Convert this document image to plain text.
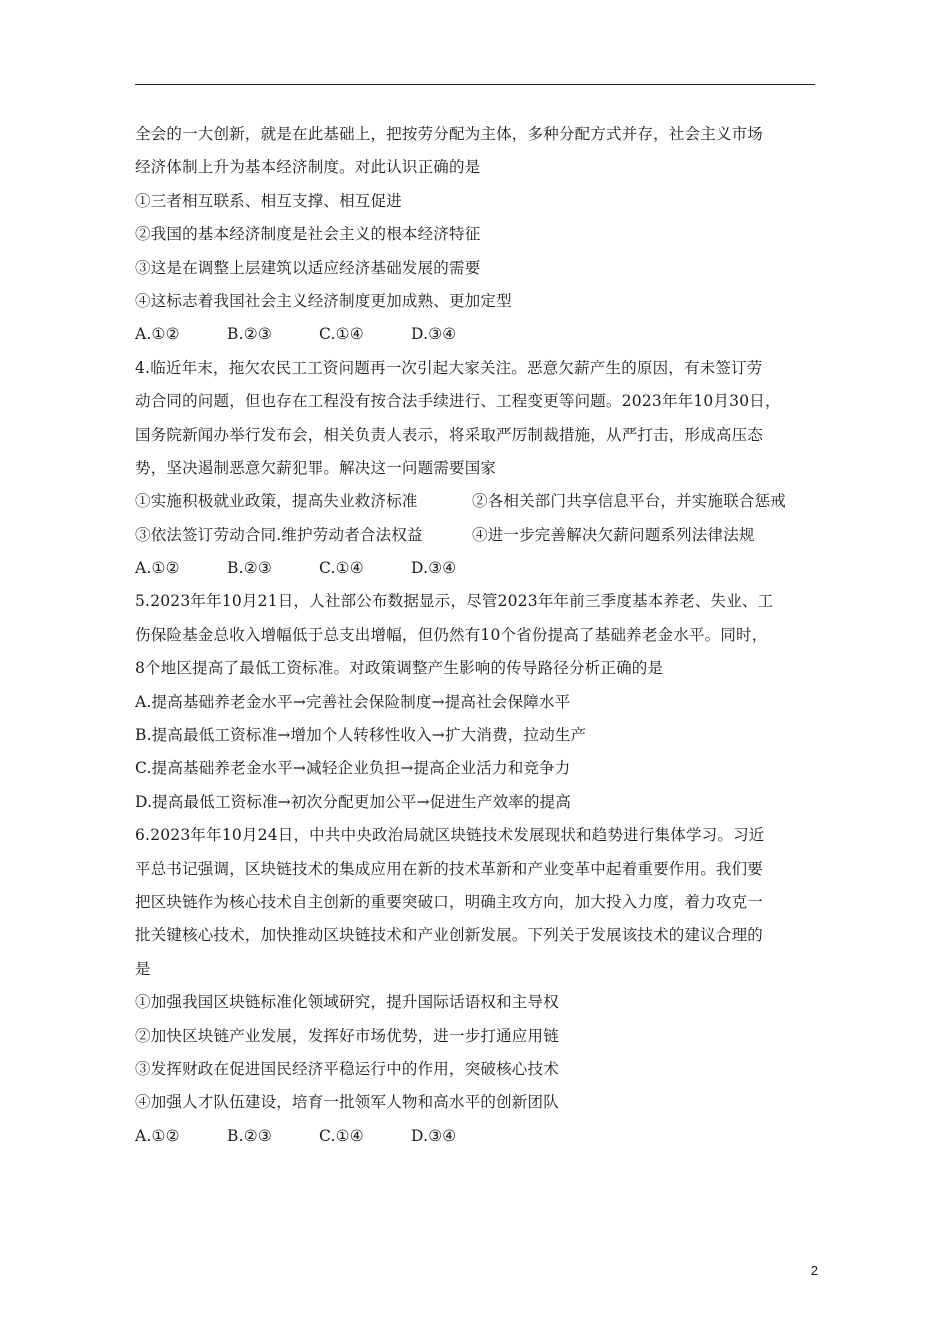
全会的一大创新，就是在此基础上，把按劳分配为主体，多种分配方式并存，社会主义市场
经济体制上升为基本经济制度。对此认识正确的是
①三者相互联系、相互支撑、相互促进
②我国的基本经济制度是社会主义的根本经济特征
③这是在调整上层建筑以适应经济基础发展的需要
④这标志着我国社会主义经济制度更加成熟、更加定型
A.①②	B.②③	C.①④	D.③④
4.临近年末，拖欠农民工工资问题再一次引起大家关注。恶意欠薪产生的原因，有未签订劳
动合同的问题，但也存在工程没有按合法手续进行、工程变更等问题。2023年年10月30日，
国务院新闻办举行发布会，相关负责人表示，将采取严厉制裁措施，从严打击，形成高压态
势，坚决遏制恶意欠薪犯罪。解决这一问题需要国家
①实施积极就业政策，提高失业救济标准	②各相关部门共享信息平台，并实施联合惩戒
③依法签订劳动合同.维护劳动者合法权益	④进一步完善解决欠薪问题系列法律法规
A.①②	B.②③	C.①④	D.③④
5.2023年年10月21日，人社部公布数据显示，尽管2023年年前三季度基本养老、失业、工
伤保险基金总收入增幅低于总支出增幅，但仍然有10个省份提高了基础养老金水平。同时，
8个地区提高了最低工资标准。对政策调整产生影响的传导路径分析正确的是
A.提高基础养老金水平→完善社会保险制度→提高社会保障水平
B.提高最低工资标准→增加个人转移性收入→扩大消费，拉动生产
C.提高基础养老金水平→减轻企业负担→提高企业活力和竞争力
D.提高最低工资标准→初次分配更加公平→促进生产效率的提高
6.2023年年10月24日，中共中央政治局就区块链技术发展现状和趋势进行集体学习。习近
平总书记强调，区块链技术的集成应用在新的技术革新和产业变革中起着重要作用。我们要
把区块链作为核心技术自主创新的重要突破口，明确主攻方向，加大投入力度，着力攻克一
批关键核心技术，加快推动区块链技术和产业创新发展。下列关于发展该技术的建议合理的
是
①加强我国区块链标准化领域研究，提升国际话语权和主导权
②加快区块链产业发展，发挥好市场优势，进一步打通应用链
③发挥财政在促进国民经济平稳运行中的作用，突破核心技术
④加强人才队伍建设，培育一批领军人物和高水平的创新团队
A.①②	B.②③	C.①④	D.③④
2
